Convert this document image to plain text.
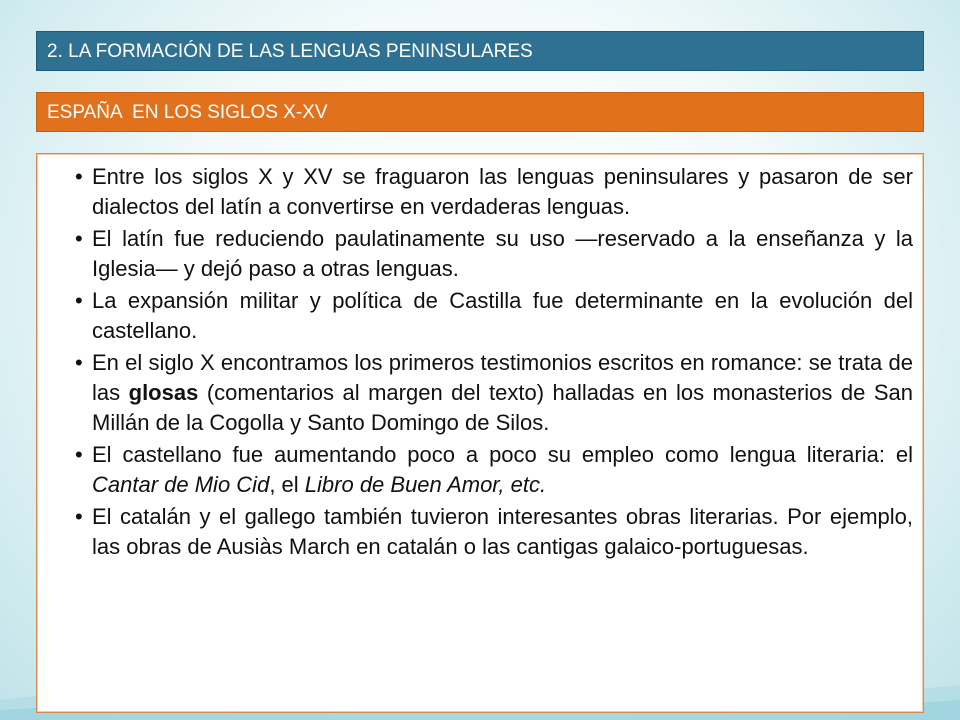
2. LA FORMACIÓN DE LAS LENGUAS PENINSULARES
ESPAÑA  EN LOS SIGLOS X-XV
• Entre los siglos X y XV se fraguaron las lenguas peninsulares y pasaron de ser dialectos del latín a convertirse en verdaderas lenguas.
• El latín fue reduciendo paulatinamente su uso —reservado a la enseñanza y la Iglesia— y dejó paso a otras lenguas.
• La expansión militar y política de Castilla fue determinante en la evolución del castellano.
• En el siglo X encontramos los primeros testimonios escritos en romance: se trata de las glosas (comentarios al margen del texto) halladas en los monasterios de San Millán de la Cogolla y Santo Domingo de Silos.
• El castellano fue aumentando poco a poco su empleo como lengua literaria: el Cantar de Mio Cid, el Libro de Buen Amor, etc.
• El catalán y el gallego también tuvieron interesantes obras literarias. Por ejemplo, las obras de Ausiàs March en catalán o las cantigas galaico-portuguesas.
